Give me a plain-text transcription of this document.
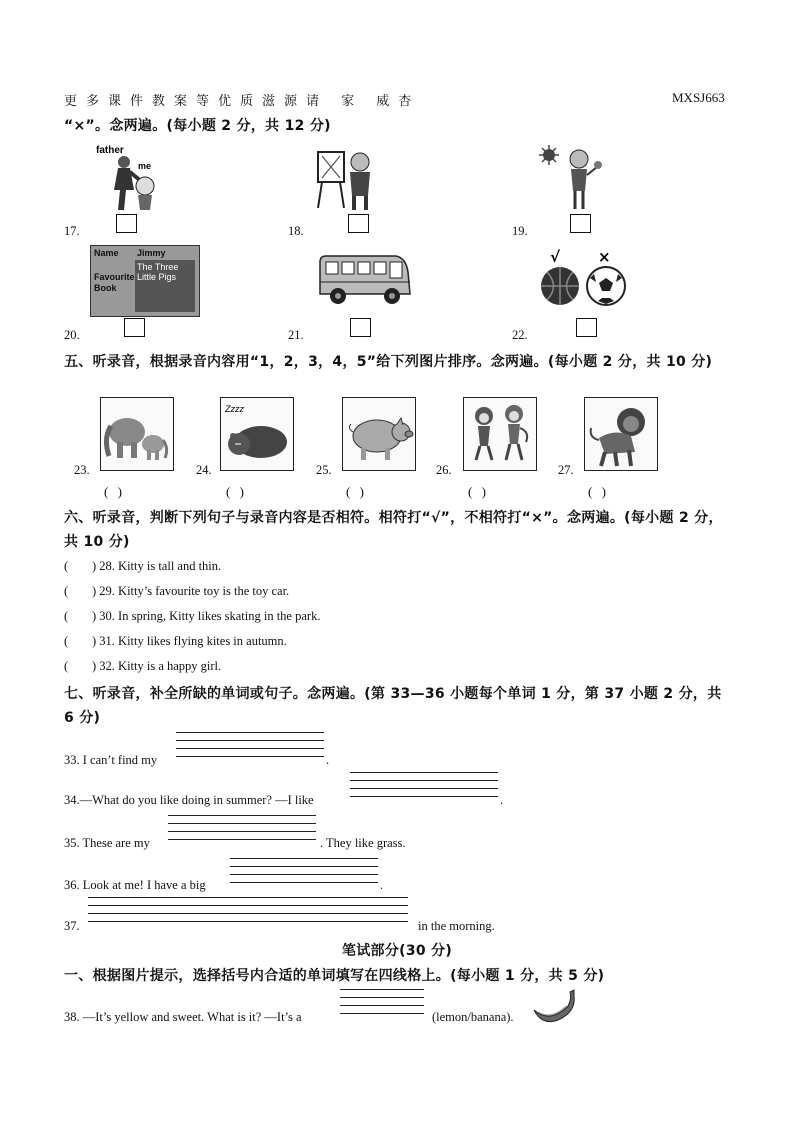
更多课件教案等优质滋源请 家 威杏	MXSJ663
“×”。念两遍。(每小题 2 分，共 12 分)
17.
father
me
18.	19.
20.
Name Jimmy
Favourite Book
The Three Little Pigs
21.	22.
√	×
五、听录音，根据录音内容用“1，2，3，4，5”给下列图片排序。念两遍。(每小题 2 分，共 10 分)
23.
( )
24.
Zzzz
( )
25.
( )
26.
( )
27.
( )
六、听录音，判断下列句子与录音内容是否相符。相符打“√”，不相符打“×”。念两遍。(每小题 2 分，共 10 分)
( ) 28. Kitty is tall and thin.
( ) 29. Kitty’s favourite toy is the toy car.
( ) 30. In spring, Kitty likes skating in the park.
( ) 31. Kitty likes flying kites in autumn.
( ) 32. Kitty is a happy girl.
七、听录音，补全所缺的单词或句子。念两遍。(第 33—36 小题每个单词 1 分，第 37 小题 2 分，共 6 分)
33. I can’t find my	.
34.—What do you like doing in summer? —I like	.
35. These are my	. They like grass.
36. Look at me! I have a big	.
37.	in the morning.
笔试部分(30 分)
一、根据图片提示，选择括号内合适的单词填写在四线格上。(每小题 1 分，共 5 分)
38. —It’s yellow and sweet. What is it? —It’s a	(lemon/banana).
